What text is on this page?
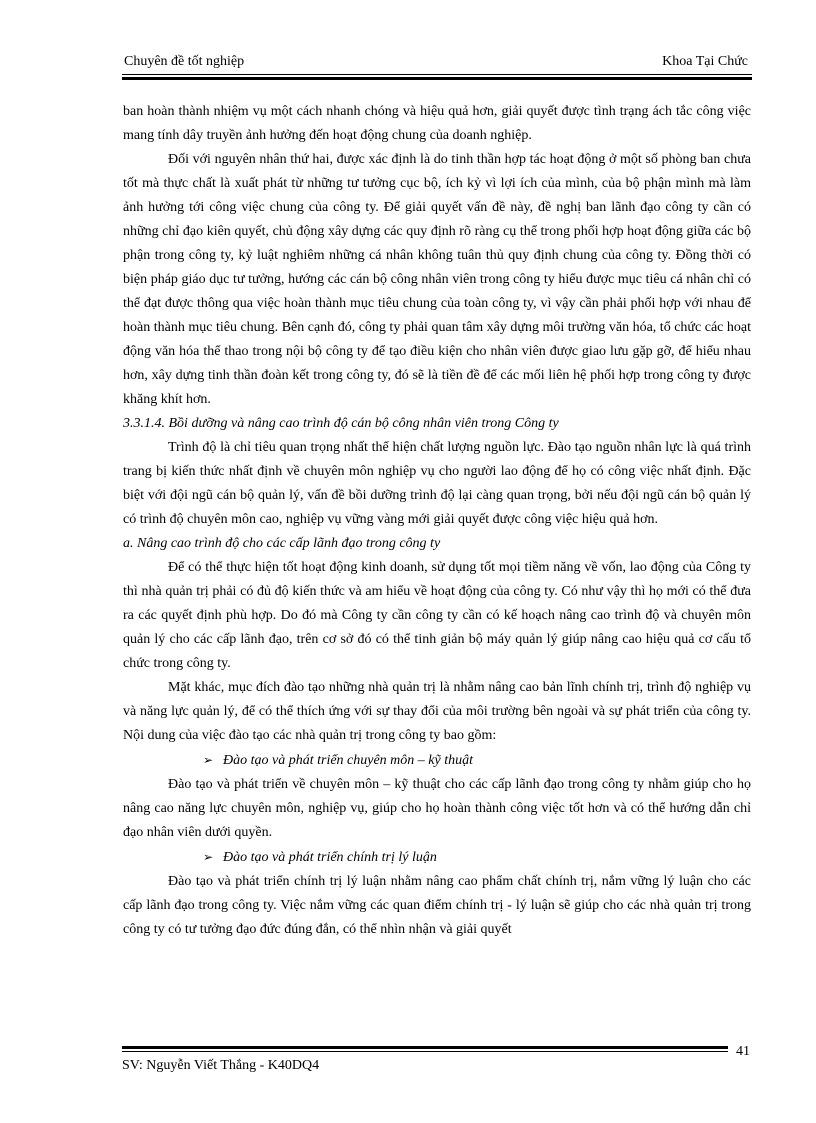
Chuyên đề tốt nghiệp	Khoa Tại Chức

ban hoàn thành nhiệm vụ một cách nhanh chóng và hiệu quả hơn, giải quyết được tình trạng ách tắc công việc mang tính dây truyền ảnh hưởng đến hoạt động chung của doanh nghiệp.

Đối với nguyên nhân thứ hai, được xác định là do tinh thần hợp tác hoạt động ở một số phòng ban chưa tốt mà thực chất là xuất phát từ những tư tưởng cục bộ, ích kỷ vì lợi ích của mình, của bộ phận mình mà làm ảnh hưởng tới công việc chung của công ty. Để giải quyết vấn đề này, đề nghị ban lãnh đạo công ty cần có những chỉ đạo kiên quyết, chủ động xây dựng các quy định rõ ràng cụ thể trong phối hợp hoạt động giữa các bộ phận trong công ty, kỷ luật nghiêm những cá nhân không tuân thủ quy định chung của công ty. Đồng thời có biện pháp giáo dục tư tưởng, hướng các cán bộ công nhân viên trong công ty hiểu được mục tiêu cá nhân chỉ có thể đạt được thông qua việc hoàn thành mục tiêu chung của toàn công ty, vì vậy cần phải phối hợp với nhau để hoàn thành mục tiêu chung. Bên cạnh đó, công ty phải quan tâm xây dựng môi trường văn hóa, tổ chức các hoạt động văn hóa thể thao trong nội bộ công ty để tạo điều kiện cho nhân viên được giao lưu gặp gỡ, để hiểu nhau hơn, xây dựng tinh thần đoàn kết trong công ty, đó sẽ là tiền đề để các mối liên hệ phối hợp trong công ty được khăng khít hơn.

3.3.1.4. Bồi dưỡng và nâng cao trình độ cán bộ công nhân viên trong Công ty

Trình độ là chỉ tiêu quan trọng nhất thể hiện chất lượng nguồn lực. Đào tạo nguồn nhân lực là quá trình trang bị kiến thức nhất định về chuyên môn nghiệp vụ cho người lao động để họ có công việc nhất định. Đặc biệt với đội ngũ cán bộ quản lý, vấn đề bồi dưỡng trình độ lại càng quan trọng, bởi nếu đội ngũ cán bộ quản lý có trình độ chuyên môn cao, nghiệp vụ vững vàng mới giải quyết được công việc hiệu quả hơn.

a. Nâng cao trình độ cho các cấp lãnh đạo trong công ty

Để có thể thực hiện tốt hoạt động kinh doanh, sử dụng tốt mọi tiềm năng về vốn, lao động của Công ty thì nhà quản trị phải có đủ độ kiến thức và am hiểu về hoạt động của công ty. Có như vậy thì họ mới có thể đưa ra các quyết định phù hợp. Do đó mà Công ty cần công ty cần có kế hoạch nâng cao trình độ và chuyên môn quản lý cho các cấp lãnh đạo, trên cơ sở đó có thể tinh giản bộ máy quản lý giúp nâng cao hiệu quả cơ cấu tổ chức trong công ty.

Mặt khác, mục đích đào tạo những nhà quản trị là nhằm nâng cao bản lĩnh chính trị, trình độ nghiệp vụ và năng lực quản lý, để có thể thích ứng với sự thay đổi của môi trường bên ngoài và sự phát triển của công ty. Nội dung của việc đào tạo các nhà quản trị trong công ty bao gồm:

➢ Đào tạo và phát triển chuyên môn – kỹ thuật

Đào tạo và phát triển về chuyên môn – kỹ thuật cho các cấp lãnh đạo trong công ty nhằm giúp cho họ nâng cao năng lực chuyên môn, nghiệp vụ, giúp cho họ hoàn thành công việc tốt hơn và có thể hướng dẫn chỉ đạo nhân viên dưới quyền.

➢ Đào tạo và phát triển chính trị lý luận

Đào tạo và phát triển chính trị lý luận nhằm nâng cao phẩm chất chính trị, nắm vững lý luận cho các cấp lãnh đạo trong công ty. Việc nắm vững các quan điểm chính trị - lý luận sẽ giúp cho các nhà quản trị trong công ty có tư tưởng đạo đức đúng đắn, có thể nhìn nhận và giải quyết

SV: Nguyễn Viết Thắng - K40DQ4
41
